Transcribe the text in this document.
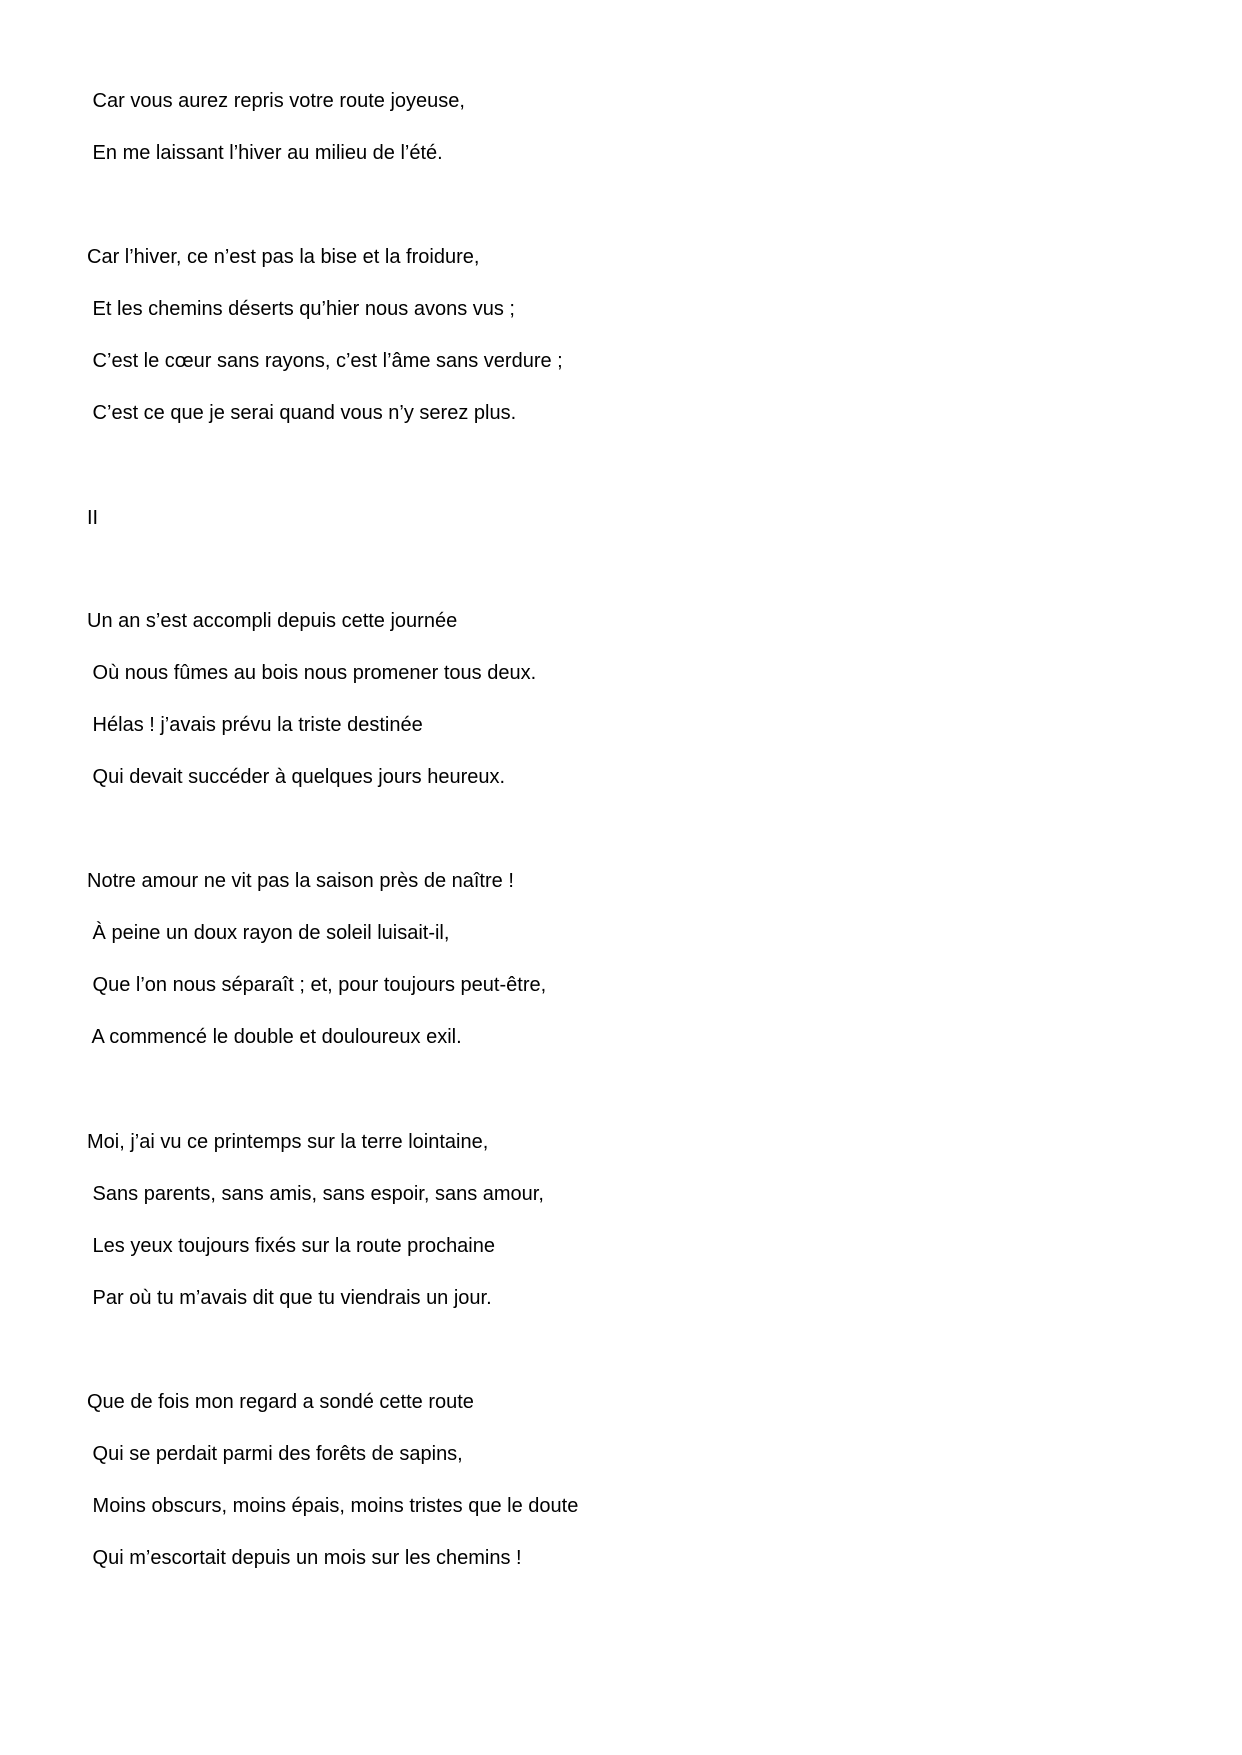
Car vous aurez repris votre route joyeuse,

En me laissant l’hiver au milieu de l’été.

Car l’hiver, ce n’est pas la bise et la froidure,

Et les chemins déserts qu’hier nous avons vus ;

C’est le cœur sans rayons, c’est l’âme sans verdure ;

C’est ce que je serai quand vous n’y serez plus.

II

Un an s’est accompli depuis cette journée

Où nous fûmes au bois nous promener tous deux.

Hélas ! j’avais prévu la triste destinée

Qui devait succéder à quelques jours heureux.

Notre amour ne vit pas la saison près de naître !

À peine un doux rayon de soleil luisait-il,

Que l’on nous séparaît ; et, pour toujours peut-être,

A commencé le double et douloureux exil.

Moi, j’ai vu ce printemps sur la terre lointaine,

Sans parents, sans amis, sans espoir, sans amour,

Les yeux toujours fixés sur la route prochaine

Par où tu m’avais dit que tu viendrais un jour.

Que de fois mon regard a sondé cette route

Qui se perdait parmi des forêts de sapins,

Moins obscurs, moins épais, moins tristes que le doute

Qui m’escortait depuis un mois sur les chemins !
